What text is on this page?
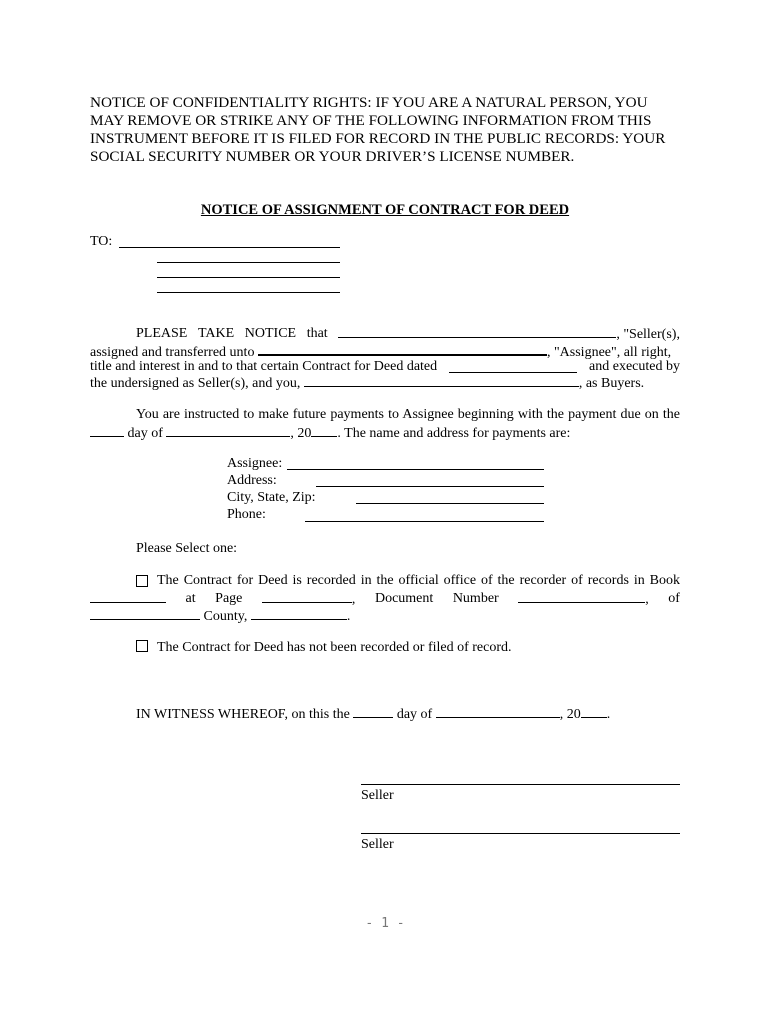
NOTICE OF CONFIDENTIALITY RIGHTS: IF YOU ARE A NATURAL PERSON, YOU
MAY REMOVE OR STRIKE ANY OF THE FOLLOWING INFORMATION FROM THIS
INSTRUMENT BEFORE IT IS FILED FOR RECORD IN THE PUBLIC RECORDS: YOUR
SOCIAL SECURITY NUMBER OR YOUR DRIVER’S LICENSE NUMBER.
NOTICE OF ASSIGNMENT OF CONTRACT FOR DEED
TO:
PLEASE TAKE NOTICE that	, "Seller(s),
assigned and transferred unto	, "Assignee", all right,
title and interest in and to that certain Contract for Deed dated	and executed by
the undersigned as Seller(s), and you,	, as Buyers.
You are instructed to make future payments to Assignee beginning with the payment due on the
day of	, 20 . The name and address for payments are:
Assignee:
Address:
City, State, Zip:
Phone:
Please Select one:
The Contract for Deed is recorded in the official office of the recorder of records in Book
at Page	, Document Number	, of
County,	.
The Contract for Deed has not been recorded or filed of record.
IN WITNESS WHEREOF, on this the	day of	, 20 .
Seller
Seller
- 1 -
